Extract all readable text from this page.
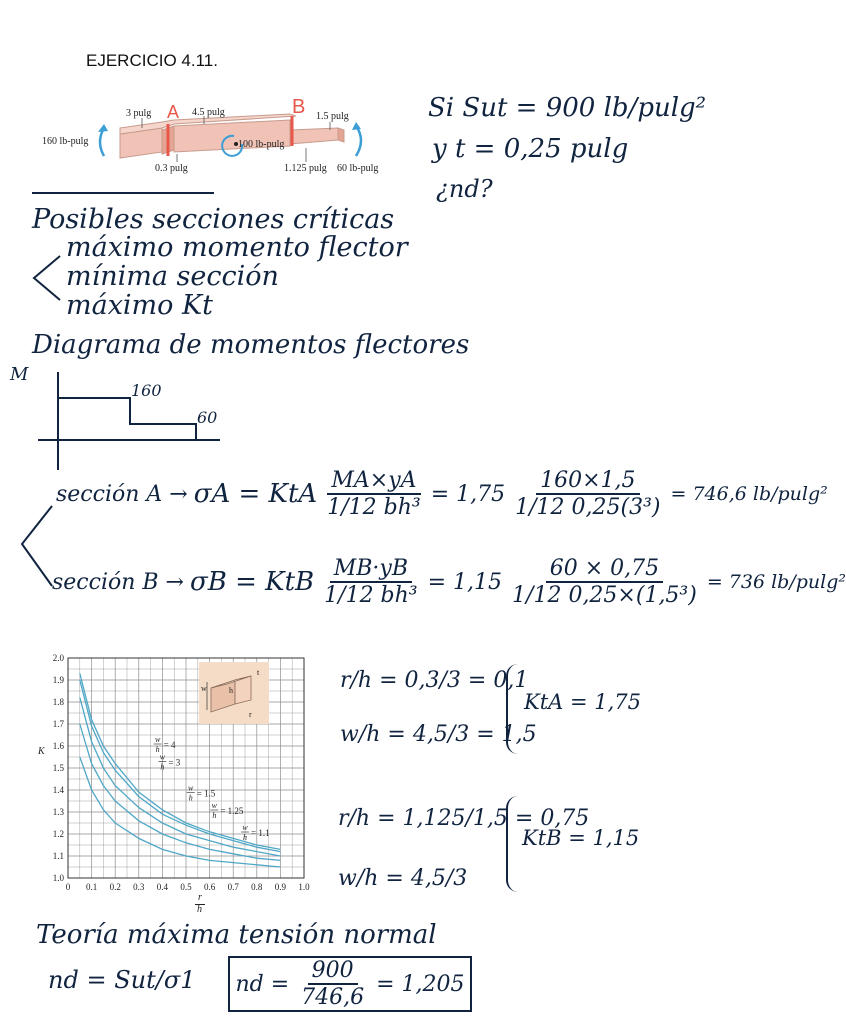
EJERCICIO 4.11.
A	B
3 pulg	4.5 pulg	1.5 pulg
160 lb-pulg	100 lb-pulg
0.3 pulg	1.125 pulg 60 lb-pulg
Si Sut = 900 lb/pulg²
y t = 0,25 pulg
¿nd?
Posibles secciones críticas
máximo momento flector
mínima sección
máximo Kt
Diagrama de momentos flectores
M
160
60
sección A → σA = KtA $\frac{MA\times yA}{\text{1/12 bh³}} = 1,75 \frac{160\times 1,5}{\text{1/12 0,25(3³)}} = 746,6$ lb/pulg²
sección B → σB = KtB $\frac{MB\cdot yB}{\text{1/12 bh³}} = 1,15 \frac{60 \times 0,75}{\text{1/12 0,25×(1,5³)}} = 736$ lb/pulg²
0 0.1 0.2 0.3 0.4 0.5 0.6 0.7 0.8 0.9 1.0
1.0
1.1
1.2
1.3
1.4
1.5
1.6
1.7
1.8
1.9
2.0
w
h = 4
w
h = 3
w
h = 1.5
w
h = 1.25
w
h = 1.1
w	h
t
r
K
r
h
r/h = 0,3/3 = 0,1
w/h = 4,5/3 = 1,5
KtA = 1,75
r/h = 1,125/1,5 = 0,75
w/h = 4,5/3
KtB = 1,15
Teoría máxima tensión normal
nd = Sut/σ1 nd = $\frac{900}{746,6} = 1,205$
